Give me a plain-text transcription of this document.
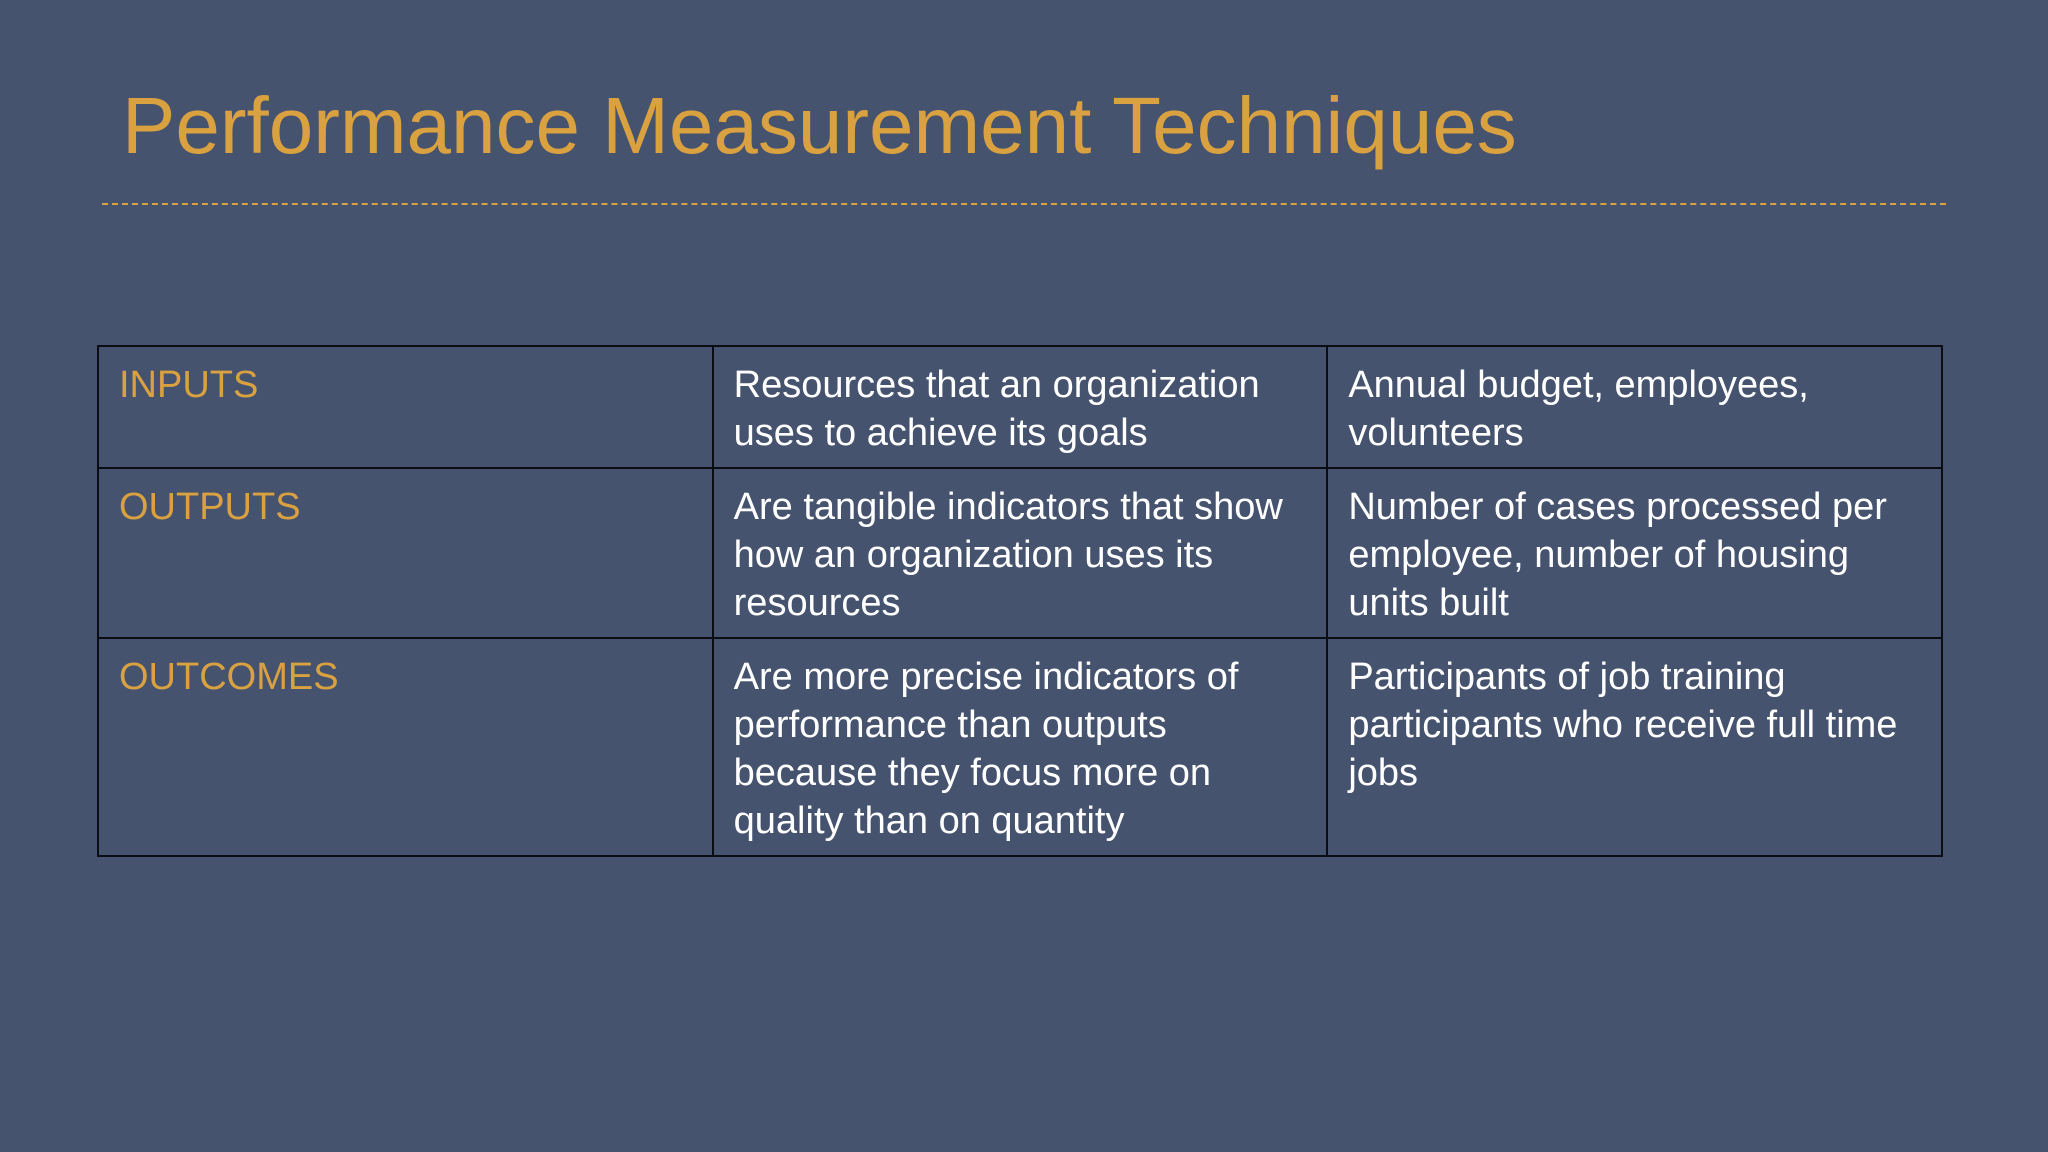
Performance Measurement Techniques
INPUTS	Resources that an organization uses to achieve its goals	Annual budget, employees, volunteers
OUTPUTS	Are tangible indicators that show how an organization uses its resources	Number of cases processed per employee, number of housing units built
OUTCOMES	Are more precise indicators of performance than outputs because they focus more on quality than on quantity	Participants of job training participants who receive full time jobs
